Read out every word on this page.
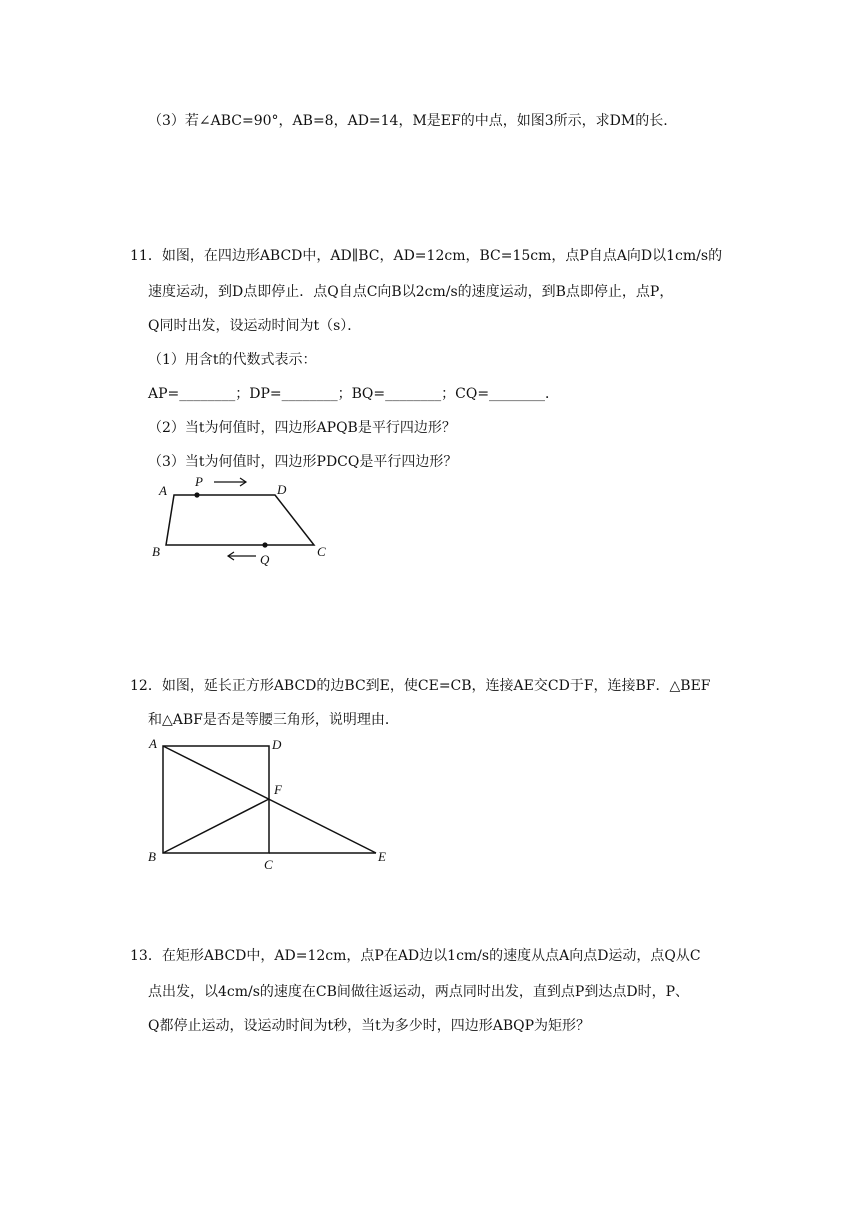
（3）若∠ABC=90°，AB=8，AD=14，M是EF的中点，如图3所示，求DM的长.
11．如图，在四边形ABCD中，AD∥BC，AD=12cm，BC=15cm，点P自点A向D以1cm/s的
速度运动，到D点即停止．点Q自点C向B以2cm/s的速度运动，到B点即停止，点P，
Q同时出发，设运动时间为t（s）．
（1）用含t的代数式表示：
AP=________；DP=________；BQ=________；CQ=________．
（2）当t为何值时，四边形APQB是平行四边形？
（3）当t为何值时，四边形PDCQ是平行四边形？
A
P
D
B
Q
C
12．如图，延长正方形ABCD的边BC到E，使CE=CB，连接AE交CD于F，连接BF．△BEF
和△ABF是否是等腰三角形，说明理由．
A	D
F
B
C
E
13．在矩形ABCD中，AD=12cm，点P在AD边以1cm/s的速度从点A向点D运动，点Q从C
点出发，以4cm/s的速度在CB间做往返运动，两点同时出发，直到点P到达点D时，P、
Q都停止运动，设运动时间为t秒，当t为多少时，四边形ABQP为矩形？
